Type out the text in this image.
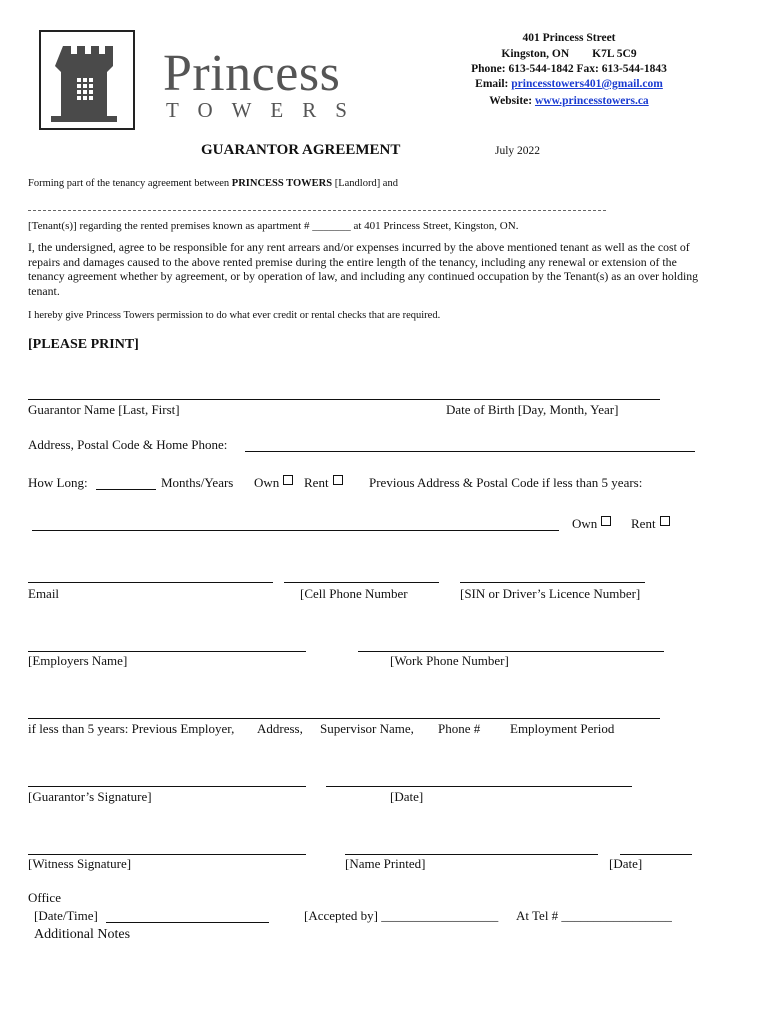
Princess
TOWERS
401 Princess Street
Kingston, ON        K7L 5C9
Phone: 613-544-1842 Fax: 613-544-1843
Email: princesstowers401@gmail.com
Website: www.princesstowers.ca
GUARANTOR AGREEMENT	July 2022
Forming part of the tenancy agreement between PRINCESS TOWERS [Landlord] and
[Tenant(s)] regarding the rented premises known as apartment # _______ at 401 Princess Street, Kingston, ON.
I, the undersigned, agree to be responsible for any rent arrears and/or expenses incurred by the above mentioned tenant as well as the cost of repairs and damages caused to the above rented premise during the entire length of the tenancy, including any renewal or extension of the tenancy agreement whether by agreement, or by operation of law, and including any continued occupation by the Tenant(s) as an over holding tenant.
I hereby give Princess Towers permission to do what ever credit or rental checks that are required.
[PLEASE PRINT]
Guarantor Name [Last, First]	Date of Birth [Day, Month, Year]
Address, Postal Code & Home Phone:
How Long:	Months/Years Own	Rent	Previous Address & Postal Code if less than 5 years:
Own	Rent
Email	[Cell Phone Number	[SIN or Driver’s Licence Number]
[Employers Name]	[Work Phone Number]
if less than 5 years: Previous Employer, Address, Supervisor Name, Phone # Employment Period
[Guarantor’s Signature]	[Date]
[Witness Signature]	[Name Printed]	[Date]
Office
[Date/Time]	[Accepted by] __________________ At Tel # _________________
Additional Notes
